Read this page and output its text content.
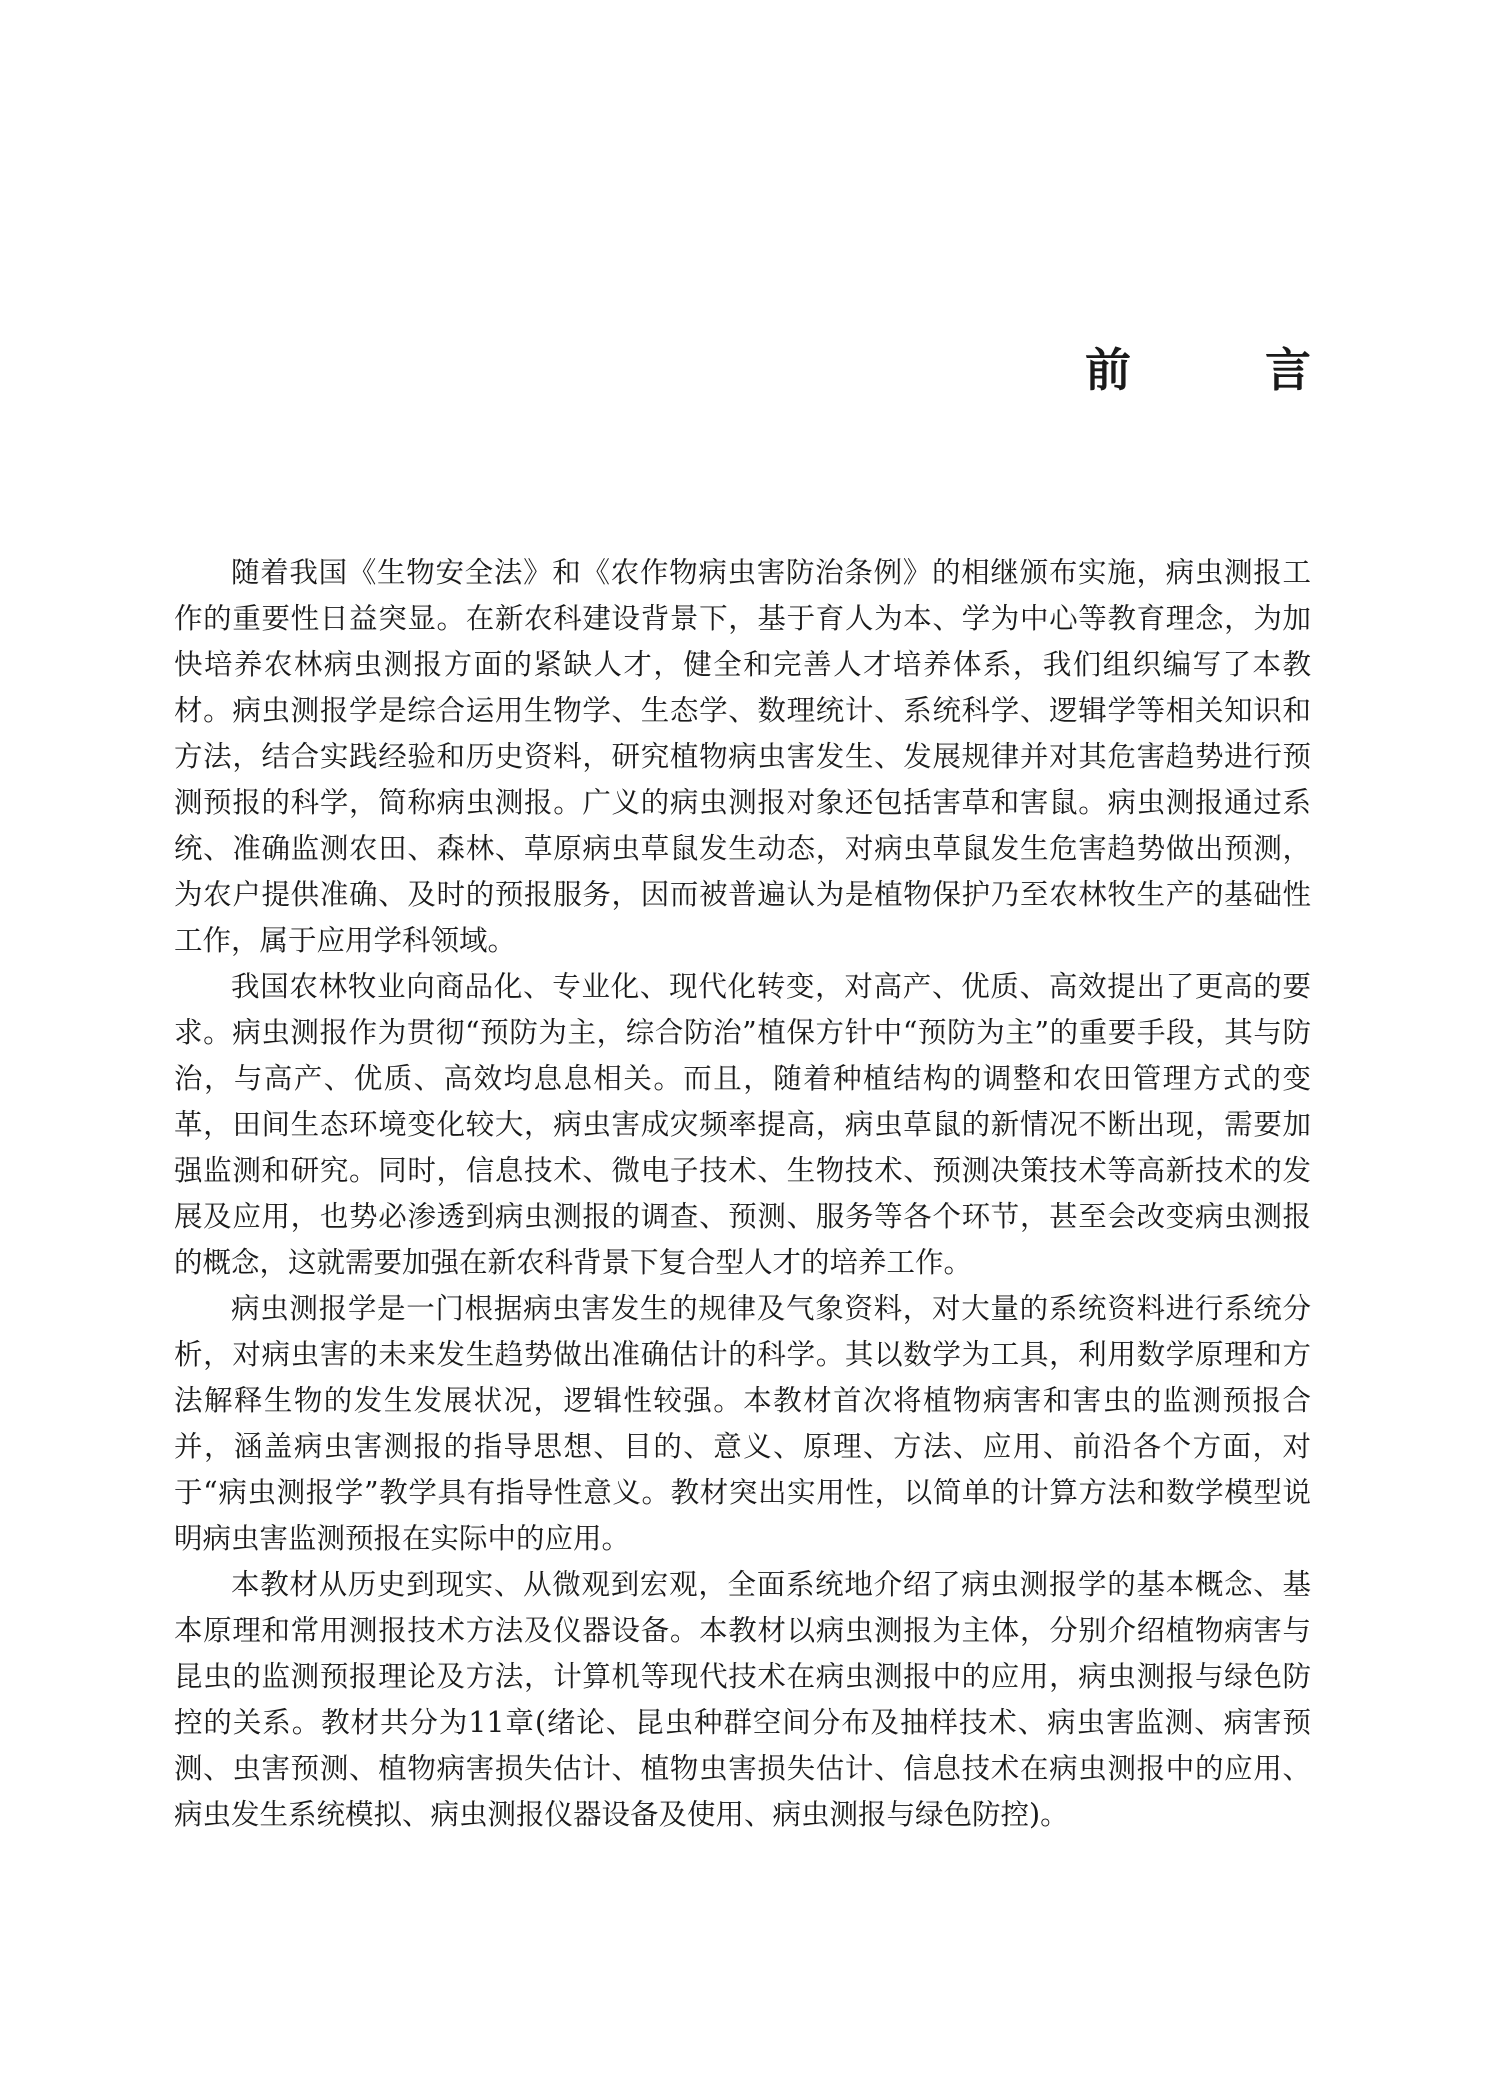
前　言

随着我国《生物安全法》和《农作物病虫害防治条例》的相继颁布实施，病虫测报工作的重要性日益突显。在新农科建设背景下，基于育人为本、学为中心等教育理念，为加快培养农林病虫测报方面的紧缺人才，健全和完善人才培养体系，我们组织编写了本教材。病虫测报学是综合运用生物学、生态学、数理统计、系统科学、逻辑学等相关知识和方法，结合实践经验和历史资料，研究植物病虫害发生、发展规律并对其危害趋势进行预测预报的科学，简称病虫测报。广义的病虫测报对象还包括害草和害鼠。病虫测报通过系统、准确监测农田、森林、草原病虫草鼠发生动态，对病虫草鼠发生危害趋势做出预测，为农户提供准确、及时的预报服务，因而被普遍认为是植物保护乃至农林牧生产的基础性工作，属于应用学科领域。

我国农林牧业向商品化、专业化、现代化转变，对高产、优质、高效提出了更高的要求。病虫测报作为贯彻“预防为主，综合防治”植保方针中“预防为主”的重要手段，其与防治，与高产、优质、高效均息息相关。而且，随着种植结构的调整和农田管理方式的变革，田间生态环境变化较大，病虫害成灾频率提高，病虫草鼠的新情况不断出现，需要加强监测和研究。同时，信息技术、微电子技术、生物技术、预测决策技术等高新技术的发展及应用，也势必渗透到病虫测报的调查、预测、服务等各个环节，甚至会改变病虫测报的概念，这就需要加强在新农科背景下复合型人才的培养工作。

病虫测报学是一门根据病虫害发生的规律及气象资料，对大量的系统资料进行系统分析，对病虫害的未来发生趋势做出准确估计的科学。其以数学为工具，利用数学原理和方法解释生物的发生发展状况，逻辑性较强。本教材首次将植物病害和害虫的监测预报合并，涵盖病虫害测报的指导思想、目的、意义、原理、方法、应用、前沿各个方面，对于“病虫测报学”教学具有指导性意义。教材突出实用性，以简单的计算方法和数学模型说明病虫害监测预报在实际中的应用。

本教材从历史到现实、从微观到宏观，全面系统地介绍了病虫测报学的基本概念、基本原理和常用测报技术方法及仪器设备。本教材以病虫测报为主体，分别介绍植物病害与昆虫的监测预报理论及方法，计算机等现代技术在病虫测报中的应用，病虫测报与绿色防控的关系。教材共分为11章(绪论、昆虫种群空间分布及抽样技术、病虫害监测、病害预测、虫害预测、植物病害损失估计、植物虫害损失估计、信息技术在病虫测报中的应用、病虫发生系统模拟、病虫测报仪器设备及使用、病虫测报与绿色防控)。
